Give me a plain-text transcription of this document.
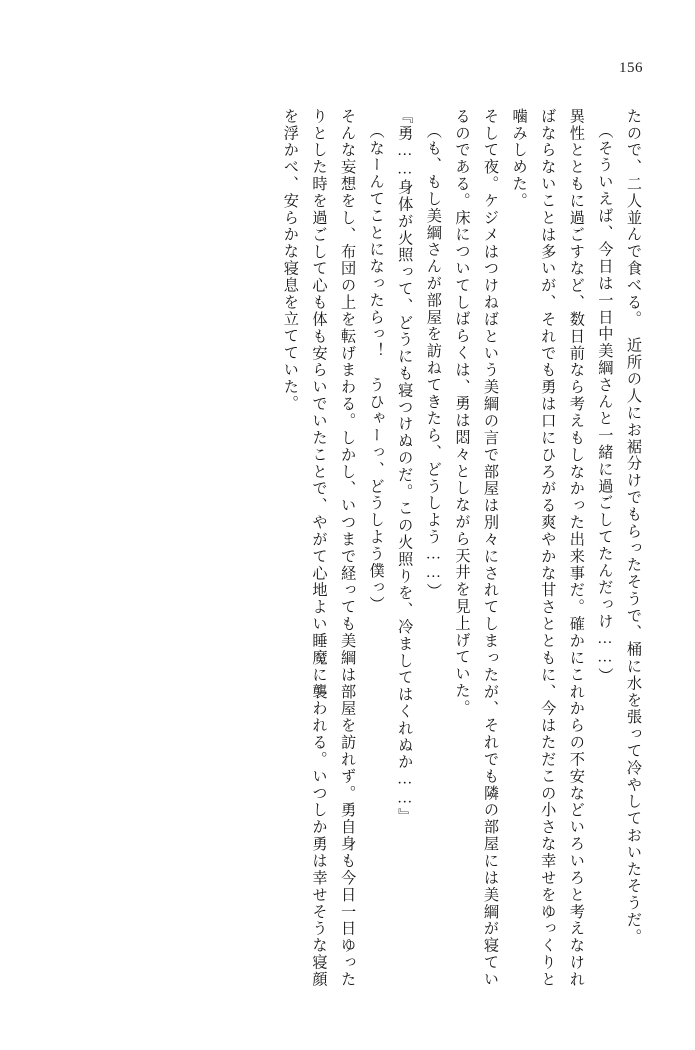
156

たので、二人並んで食べる。　近所の人にお裾分けでもらったそうで、桶に水を張って冷やしておいたそうだ。

（そういえば、今日は一日中美綱さんと一緒に過ごしてたんだっけ……）

異性とともに過ごすなど、数日前なら考えもしなかった出来事だ。確かにこれからの不安などいろいろと考えなければならないことは多いが、それでも勇は口にひろがる爽やかな甘さとともに、今はただこの小さな幸せをゆっくりと噛みしめた。

そして夜。ケジメはつけねばという美綱の言で部屋は別々にされてしまったが、それでも隣の部屋には美綱が寝ているのである。床についてしばらくは、勇は悶々としながら天井を見上げていた。

（も、もし美綱さんが部屋を訪ねてきたら、どうしよう……）

『勇……身体が火照って、どうにも寝つけぬのだ。この火照りを、冷ましてはくれぬか……』

（なーんてことになったらっ！　うひゃーっ、どうしよう僕っ）

そんな妄想をし、布団の上を転げまわる。しかし、いつまで経っても美綱は部屋を訪れず。勇自身も今日一日ゆったりとした時を過ごして心も体も安らいでいたことで、やがて心地よい睡魔に襲われる。いつしか勇は幸せそうな寝顔を浮かべ、安らかな寝息を立てていた。
